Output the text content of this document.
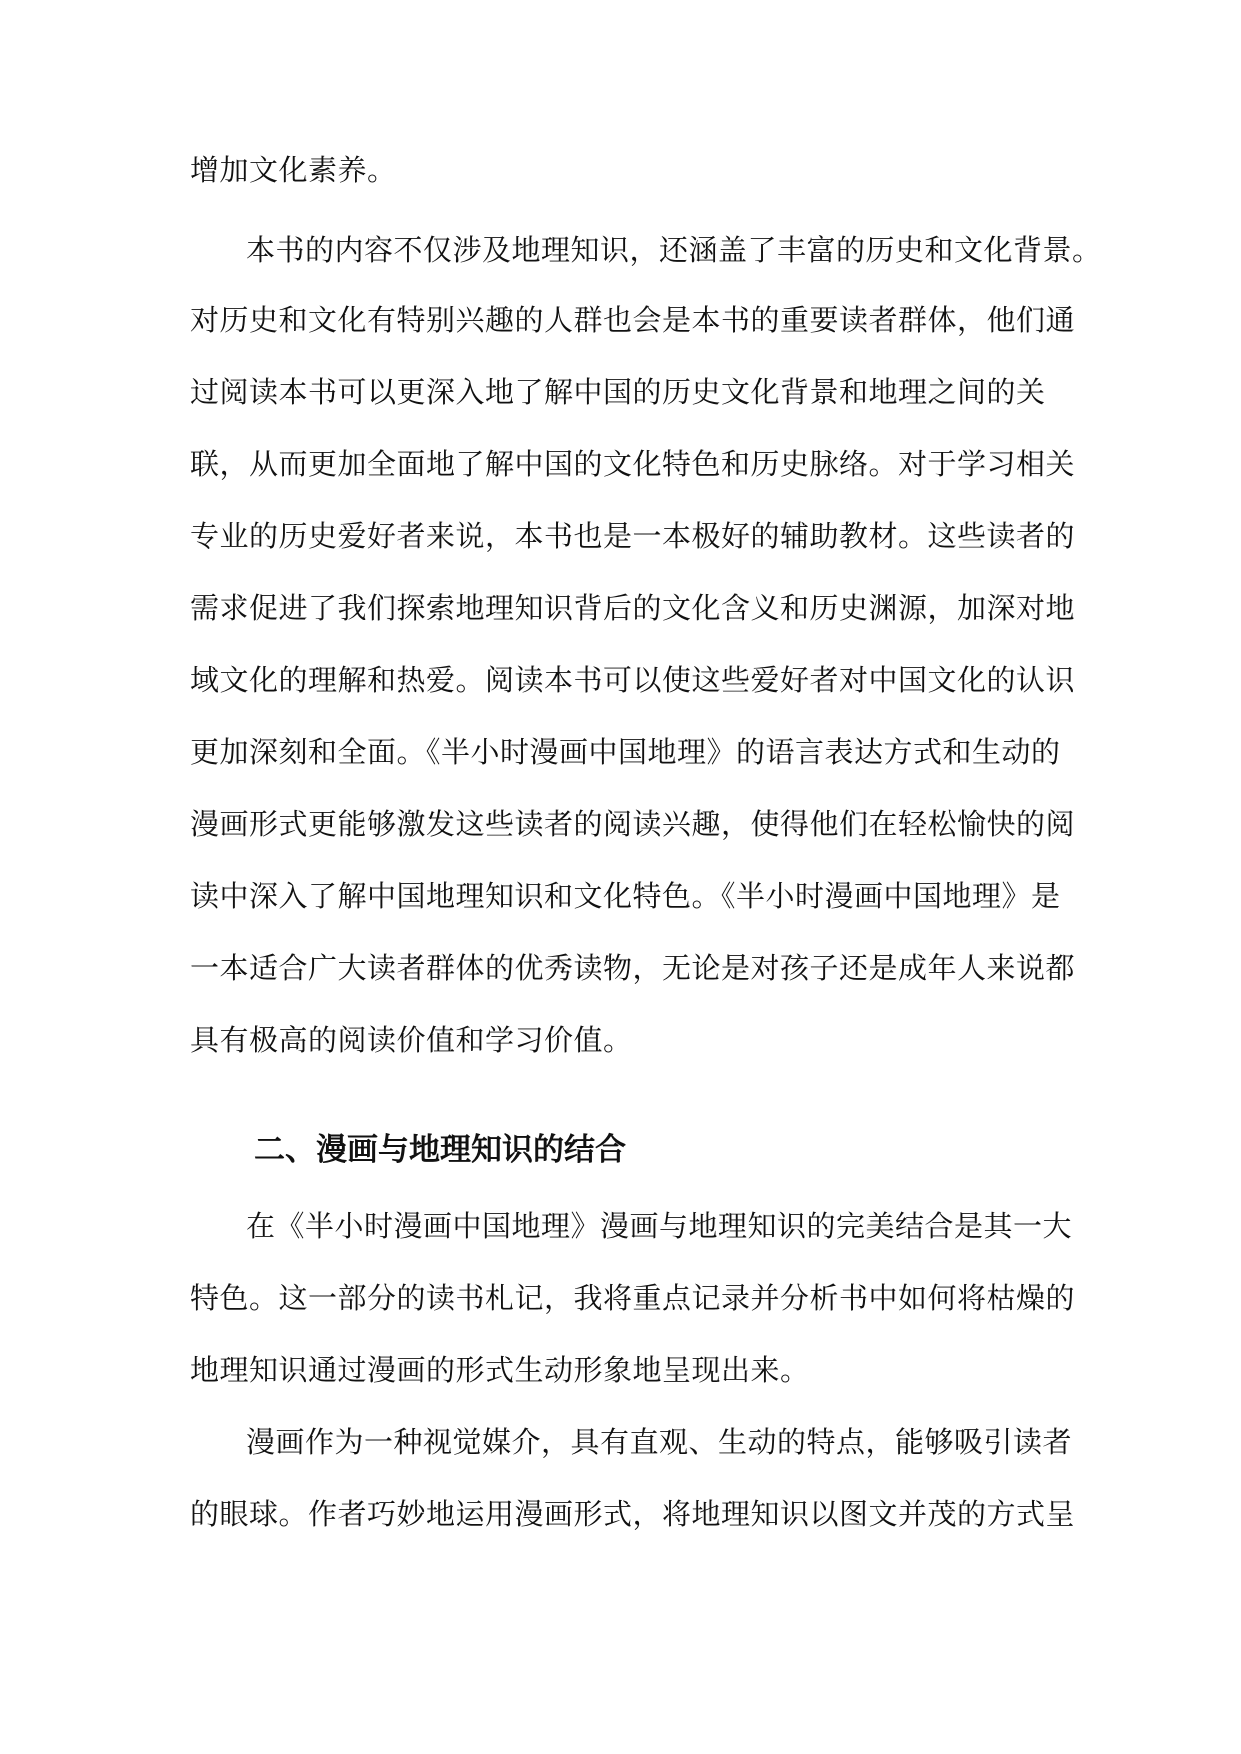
增加文化素养。
本书的内容不仅涉及地理知识，还涵盖了丰富的历史和文化背景。
对历史和文化有特别兴趣的人群也会是本书的重要读者群体，他们通
过阅读本书可以更深入地了解中国的历史文化背景和地理之间的关
联，从而更加全面地了解中国的文化特色和历史脉络。对于学习相关
专业的历史爱好者来说，本书也是一本极好的辅助教材。这些读者的
需求促进了我们探索地理知识背后的文化含义和历史渊源，加深对地
域文化的理解和热爱。阅读本书可以使这些爱好者对中国文化的认识
更加深刻和全面。《半小时漫画中国地理》的语言表达方式和生动的
漫画形式更能够激发这些读者的阅读兴趣，使得他们在轻松愉快的阅
读中深入了解中国地理知识和文化特色。《半小时漫画中国地理》是
一本适合广大读者群体的优秀读物，无论是对孩子还是成年人来说都
具有极高的阅读价值和学习价值。
二、漫画与地理知识的结合
在《半小时漫画中国地理》漫画与地理知识的完美结合是其一大
特色。这一部分的读书札记，我将重点记录并分析书中如何将枯燥的
地理知识通过漫画的形式生动形象地呈现出来。
漫画作为一种视觉媒介，具有直观、生动的特点，能够吸引读者
的眼球。作者巧妙地运用漫画形式，将地理知识以图文并茂的方式呈
